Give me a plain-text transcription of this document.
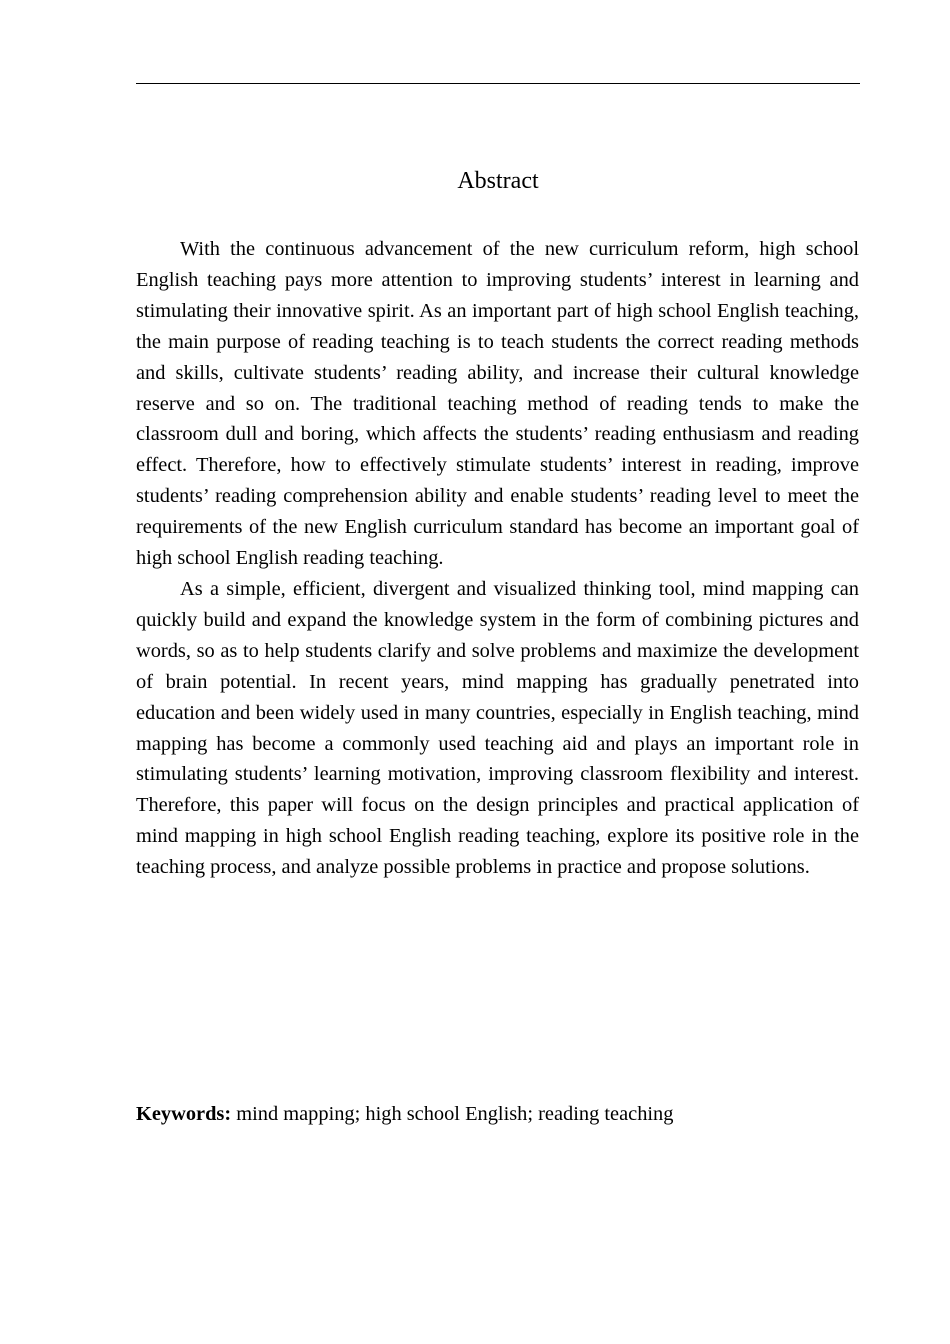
Abstract

With the continuous advancement of the new curriculum reform, high school English teaching pays more attention to improving students’ interest in learning and stimulating their innovative spirit. As an important part of high school English teaching, the main purpose of reading teaching is to teach students the correct reading methods and skills, cultivate students’ reading ability, and increase their cultural knowledge reserve and so on. The traditional teaching method of reading tends to make the classroom dull and boring, which affects the students’ reading enthusiasm and reading effect. Therefore, how to effectively stimulate students’ interest in reading, improve students’ reading comprehension ability and enable students’ reading level to meet the requirements of the new English curriculum standard has become an important goal of high school English reading teaching.

As a simple, efficient, divergent and visualized thinking tool, mind mapping can quickly build and expand the knowledge system in the form of combining pictures and words, so as to help students clarify and solve problems and maximize the development of brain potential. In recent years, mind mapping has gradually penetrated into education and been widely used in many countries, especially in English teaching, mind mapping has become a commonly used teaching aid and plays an important role in stimulating students’ learning motivation, improving classroom flexibility and interest. Therefore, this paper will focus on the design principles and practical application of mind mapping in high school English reading teaching, explore its positive role in the teaching process, and analyze possible problems in practice and propose solutions.

Keywords: mind mapping; high school English; reading teaching
